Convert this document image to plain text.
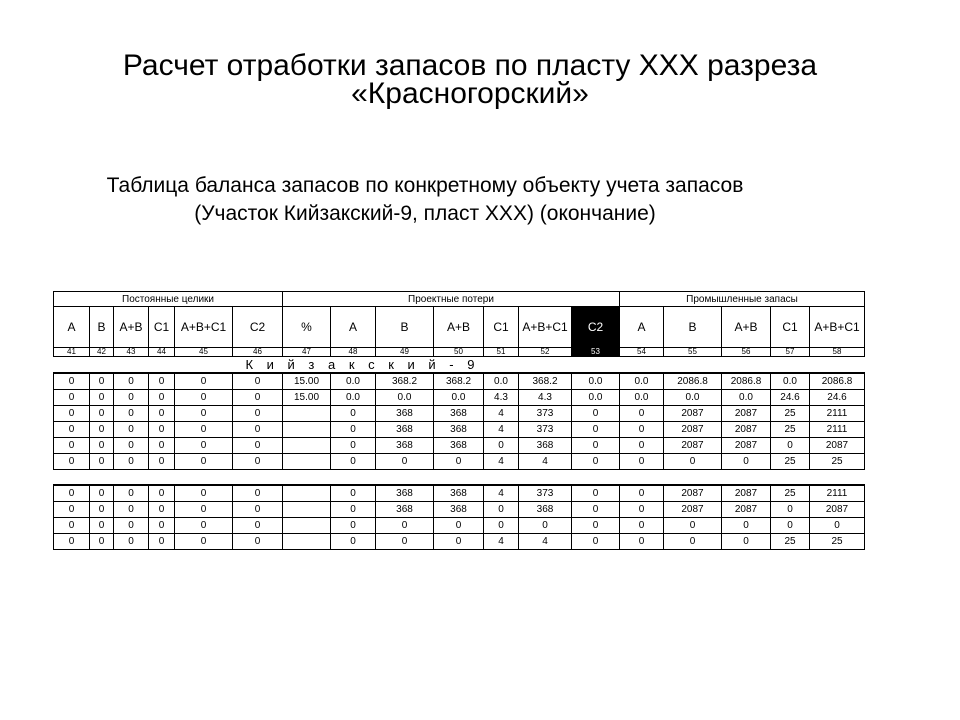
Расчет отработки запасов по пласту XXX разреза
«Красногорский»
Таблица баланса запасов по конкретному объекту учета запасов
(Участок Кийзакский-9, пласт XXX) (окончание)
Постоянные целики						Проектные потери							Промышленные запасы				
A	B	A+B	C1	A+B+C1	C2	%	A	B	A+B	C1	A+B+C1	C2	A	B	A+B	C1	A+B+C1
41	42	43	44	45	46	47	48	49	50	51	52	53	54	55	56	57	58
К и й з а к с к и й - 9																	
0	0	0	0	0	0	15.00	0.0	368.2	368.2	0.0	368.2	0.0	0.0	2086.8	2086.8	0.0	2086.8
0	0	0	0	0	0	15.00	0.0	0.0	0.0	4.3	4.3	0.0	0.0	0.0	0.0	24.6	24.6
0	0	0	0	0	0		0	368	368	4	373	0	0	2087	2087	25	2111
0	0	0	0	0	0		0	368	368	4	373	0	0	2087	2087	25	2111
0	0	0	0	0	0		0	368	368	0	368	0	0	2087	2087	0	2087
0	0	0	0	0	0		0	0	0	4	4	0	0	0	0	25	25

0	0	0	0	0	0		0	368	368	4	373	0	0	2087	2087	25	2111
0	0	0	0	0	0		0	368	368	0	368	0	0	2087	2087	0	2087
0	0	0	0	0	0		0	0	0	0	0	0	0	0	0	0	0
0	0	0	0	0	0		0	0	0	4	4	0	0	0	0	25	25
